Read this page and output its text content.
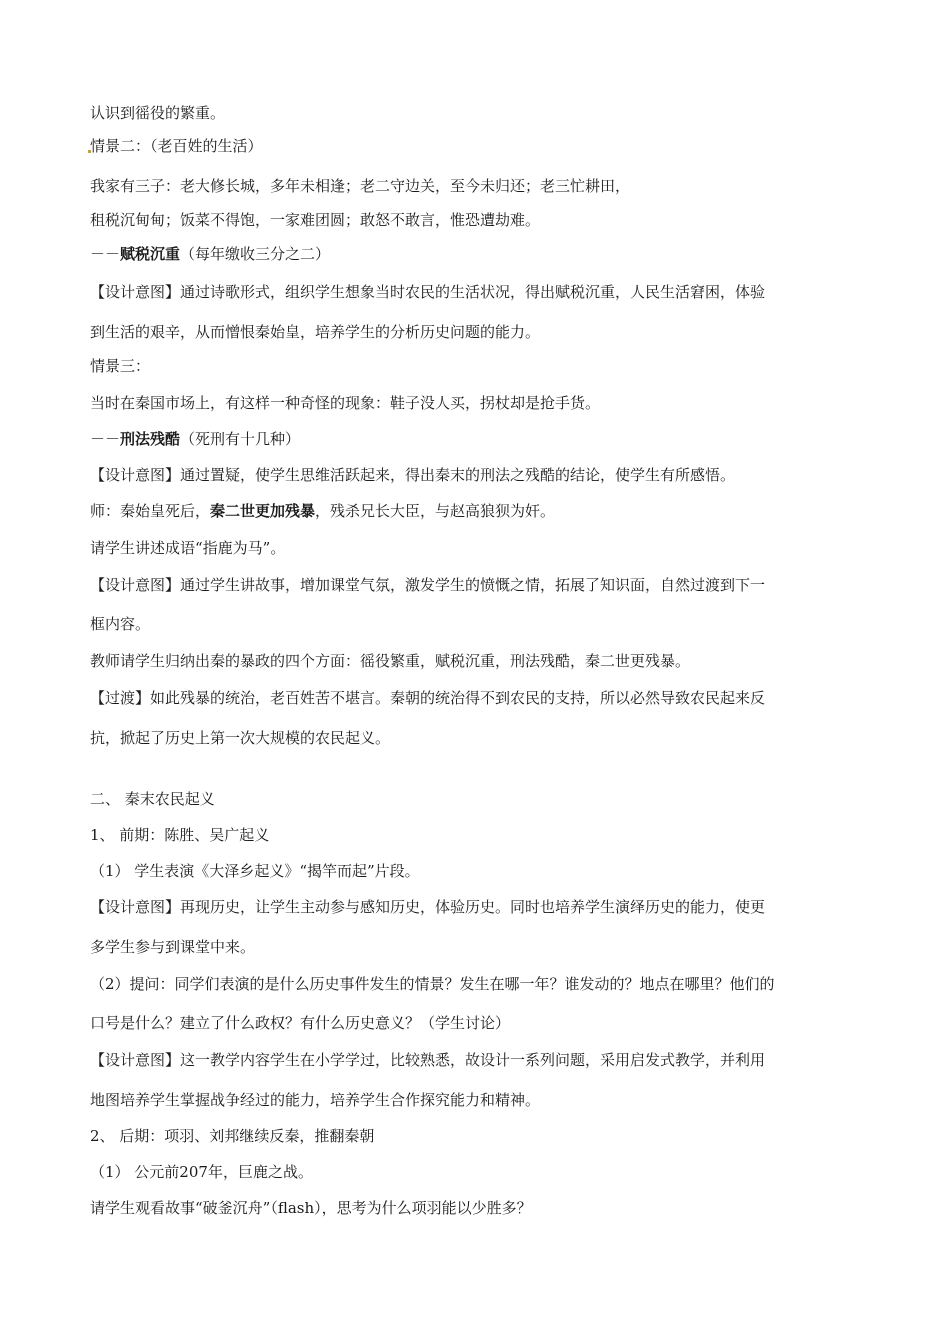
认识到徭役的繁重。
情景二：（老百姓的生活）
我家有三子：老大修长城，多年未相逢；老二守边关，至今未归还；老三忙耕田，
租税沉甸甸；饭菜不得饱，一家难团圆；敢怒不敢言，惟恐遭劫难。
－－赋税沉重（每年缴收三分之二）
【设计意图】通过诗歌形式，组织学生想象当时农民的生活状况，得出赋税沉重，人民生活窘困，体验
到生活的艰辛，从而憎恨秦始皇，培养学生的分析历史问题的能力。
情景三：
当时在秦国市场上，有这样一种奇怪的现象：鞋子没人买，拐杖却是抢手货。
－－刑法残酷（死刑有十几种）
【设计意图】通过置疑，使学生思维活跃起来，得出秦末的刑法之残酷的结论，使学生有所感悟。
师：秦始皇死后，秦二世更加残暴，残杀兄长大臣，与赵高狼狈为奸。
请学生讲述成语“指鹿为马”。
【设计意图】通过学生讲故事，增加课堂气氛，激发学生的愤慨之情，拓展了知识面，自然过渡到下一
框内容。
教师请学生归纳出秦的暴政的四个方面：徭役繁重，赋税沉重，刑法残酷，秦二世更残暴。
【过渡】如此残暴的统治，老百姓苦不堪言。秦朝的统治得不到农民的支持，所以必然导致农民起来反
抗，掀起了历史上第一次大规模的农民起义。
二、 秦末农民起义
1、 前期：陈胜、吴广起义
（1） 学生表演《大泽乡起义》“揭竿而起”片段。
【设计意图】再现历史，让学生主动参与感知历史，体验历史。同时也培养学生演绎历史的能力，使更
多学生参与到课堂中来。
（2）提问：同学们表演的是什么历史事件发生的情景？发生在哪一年？谁发动的？地点在哪里？他们的
口号是什么？建立了什么政权？有什么历史意义？（学生讨论）
【设计意图】这一教学内容学生在小学学过，比较熟悉，故设计一系列问题，采用启发式教学，并利用
地图培养学生掌握战争经过的能力，培养学生合作探究能力和精神。
2、 后期：项羽、刘邦继续反秦，推翻秦朝
（1） 公元前207年，巨鹿之战。
请学生观看故事“破釜沉舟”（flash），思考为什么项羽能以少胜多？
